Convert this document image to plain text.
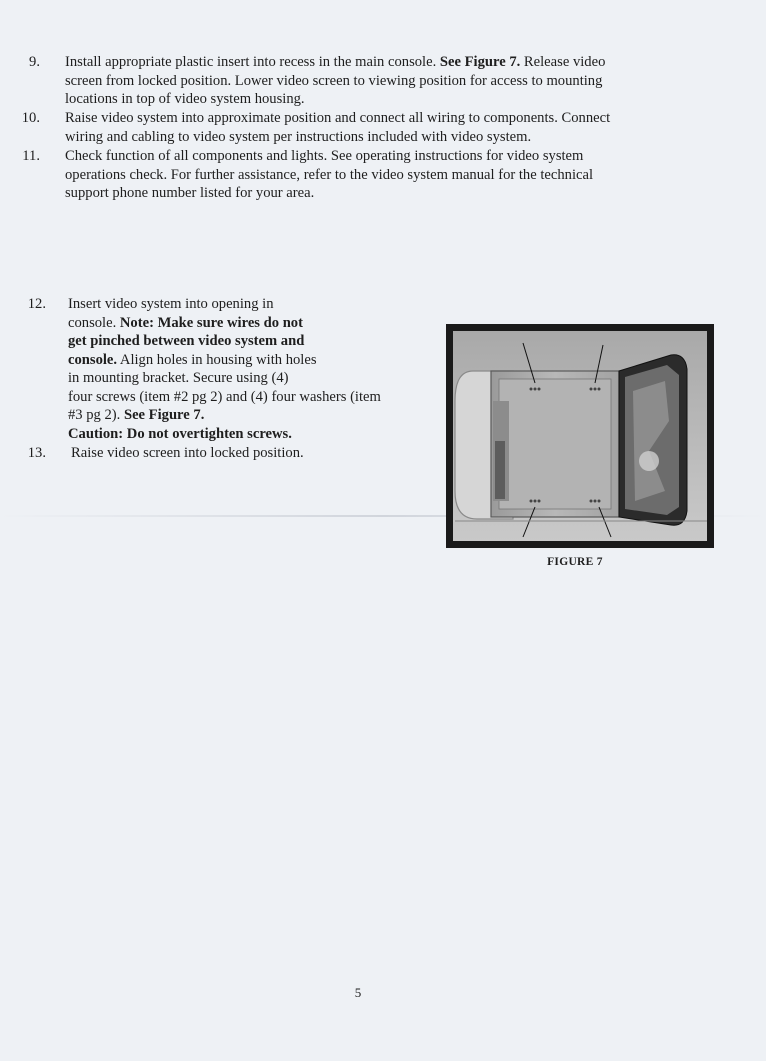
9. Install appropriate plastic insert into recess in the main console. See Figure 7. Release video
screen from locked position. Lower video screen to viewing position for access to mounting
locations in top of video system housing.
10. Raise video system into approximate position and connect all wiring to components. Connect
wiring and cabling to video system per instructions included with video system.
11. Check function of all components and lights. See operating instructions for video system
operations check. For further assistance, refer to the video system manual for the technical
support phone number listed for your area.
12. Insert video system into opening in
console. Note: Make sure wires do not
get pinched between video system and
console. Align holes in housing with holes
in mounting bracket. Secure using (4)
four screws (item #2 pg 2) and (4) four washers (item
#3 pg 2). See Figure 7.
Caution: Do not overtighten screws.
13. Raise video screen into locked position.
FIGURE 7
5
